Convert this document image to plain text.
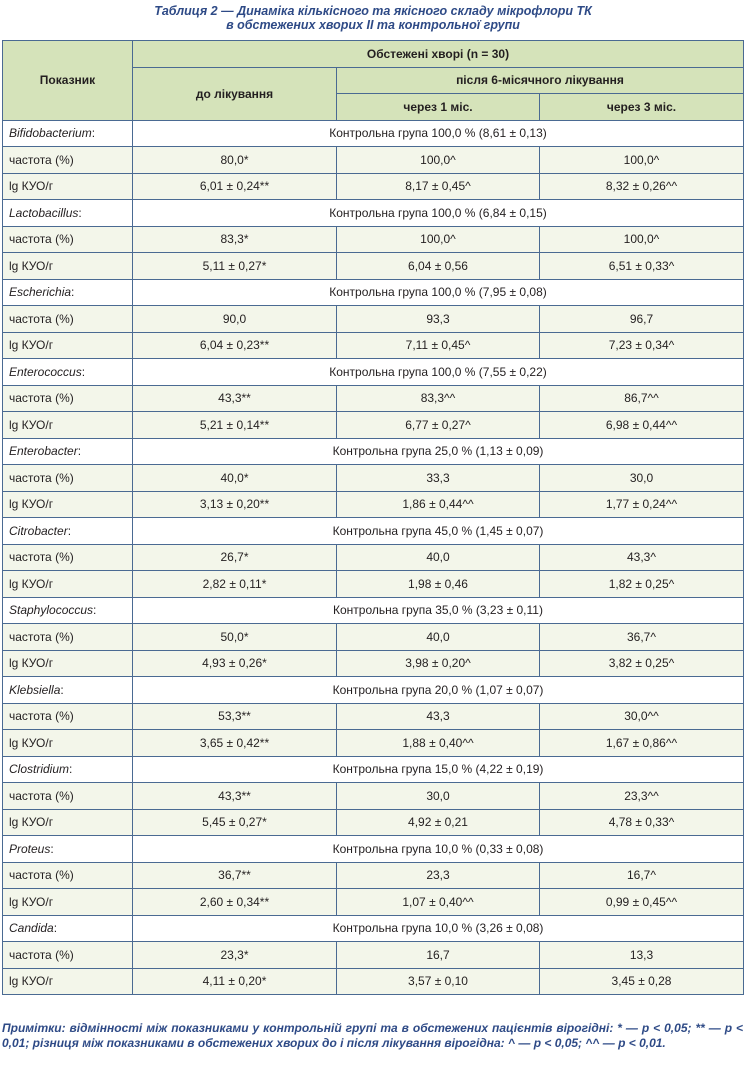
Таблиця 2 — Динаміка кількісного та якісного складу мікрофлори ТК
в обстежених хворих II та контрольної групи
Показник	Обстежені хворі (n = 30)		
	до лікування	після 6-місячного лікування	
		через 1 міс.	через 3 міс.
Bifidobacterium:	Контрольна група 100,0 % (8,61 ± 0,13)		
частота (%)	80,0*	100,0^	100,0^
lg КУО/г	6,01 ± 0,24**	8,17 ± 0,45^	8,32 ± 0,26^^
Lactobacillus:	Контрольна група 100,0 % (6,84 ± 0,15)		
частота (%)	83,3*	100,0^	100,0^
lg КУО/г	5,11 ± 0,27*	6,04 ± 0,56	6,51 ± 0,33^
Escherichia:	Контрольна група 100,0 % (7,95 ± 0,08)		
частота (%)	90,0	93,3	96,7
lg КУО/г	6,04 ± 0,23**	7,11 ± 0,45^	7,23 ± 0,34^
Enterococcus:	Контрольна група 100,0 % (7,55 ± 0,22)		
частота (%)	43,3**	83,3^^	86,7^^
lg КУО/г	5,21 ± 0,14**	6,77 ± 0,27^	6,98 ± 0,44^^
Enterobacter:	Контрольна група 25,0 % (1,13 ± 0,09)		
частота (%)	40,0*	33,3	30,0
lg КУО/г	3,13 ± 0,20**	1,86 ± 0,44^^	1,77 ± 0,24^^
Citrobacter:	Контрольна група 45,0 % (1,45 ± 0,07)		
частота (%)	26,7*	40,0	43,3^
lg КУО/г	2,82 ± 0,11*	1,98 ± 0,46	1,82 ± 0,25^
Staphylococcus:	Контрольна група 35,0 % (3,23 ± 0,11)		
частота (%)	50,0*	40,0	36,7^
lg КУО/г	4,93 ± 0,26*	3,98 ± 0,20^	3,82 ± 0,25^
Klebsiella:	Контрольна група 20,0 % (1,07 ± 0,07)		
частота (%)	53,3**	43,3	30,0^^
lg КУО/г	3,65 ± 0,42**	1,88 ± 0,40^^	1,67 ± 0,86^^
Clostridium:	Контрольна група 15,0 % (4,22 ± 0,19)		
частота (%)	43,3**	30,0	23,3^^
lg КУО/г	5,45 ± 0,27*	4,92 ± 0,21	4,78 ± 0,33^
Proteus:	Контрольна група 10,0 % (0,33 ± 0,08)		
частота (%)	36,7**	23,3	16,7^
lg КУО/г	2,60 ± 0,34**	1,07 ± 0,40^^	0,99 ± 0,45^^
Candida:	Контрольна група 10,0 % (3,26 ± 0,08)		
частота (%)	23,3*	16,7	13,3
lg КУО/г	4,11 ± 0,20*	3,57 ± 0,10	3,45 ± 0,28
Примітки: відмінності між показниками у контрольній групі та в обстежених пацієнтів вірогідні: * — p < 0,05; ** — p < 0,01; різниця між показниками в обстежених хворих до і після лікування вірогідна: ^ — p < 0,05; ^^ — p < 0,01.
